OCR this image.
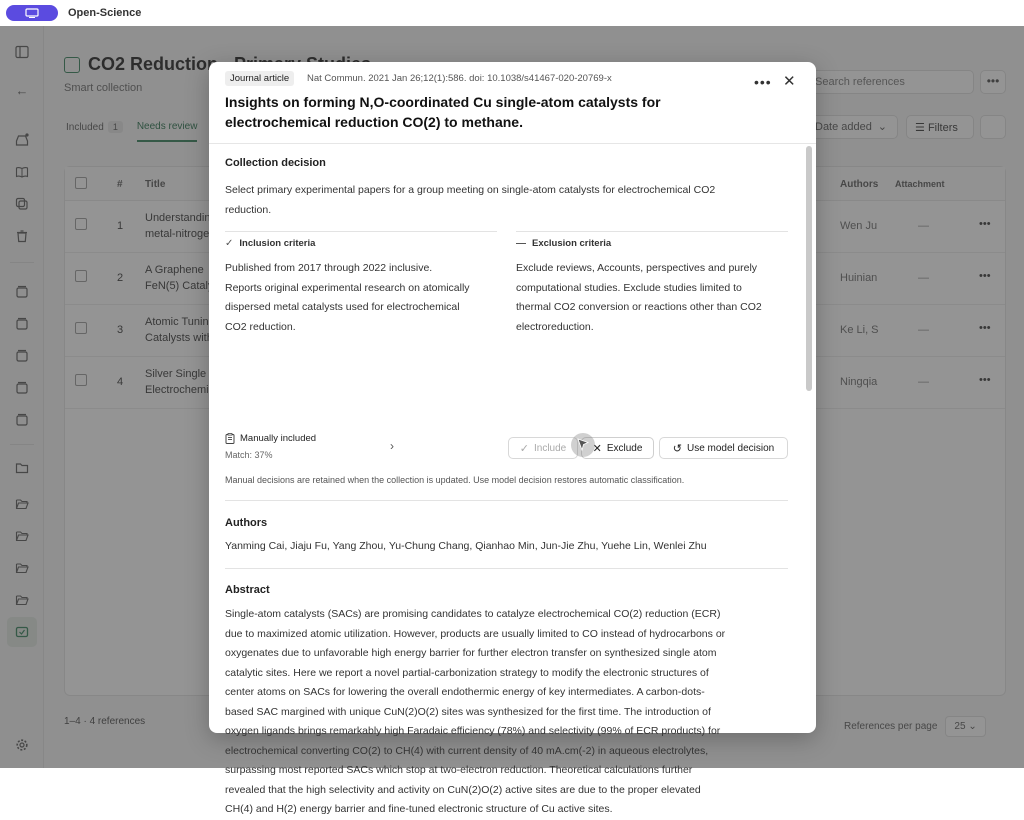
Open-Science
Journal article	Nat Commun. 2021 Jan 26;12(1):586. doi: 10.1038/s41467-020-20769-x
Insights on forming N,O-coordinated Cu single-atom catalysts for
electrochemical reduction CO(2) to methane.
••• ✕
Collection decision
Select primary experimental papers for a group meeting on single-atom catalysts for electrochemical CO2
reduction.
✓ Inclusion criteria
Published from 2017 through 2022 inclusive.
Reports original experimental research on atomically
dispersed metal catalysts used for electrochemical
CO2 reduction.
— Exclusion criteria
Exclude reviews, Accounts, perspectives and purely
computational studies. Exclude studies limited to
thermal CO2 conversion or reactions other than CO2
electroreduction.
Manually included
Match: 37%
›	✓ Include ✕ Exclude	↺ Use model decision
Manual decisions are retained when the collection is updated. Use model decision restores automatic classification.
Authors
Yanming Cai, Jiaju Fu, Yang Zhou, Yu-Chung Chang, Qianhao Min, Jun-Jie Zhu, Yuehe Lin, Wenlei Zhu
Abstract
Single-atom catalysts (SACs) are promising candidates to catalyze electrochemical CO(2) reduction (ECR)
due to maximized atomic utilization. However, products are usually limited to CO instead of hydrocarbons or
oxygenates due to unfavorable high energy barrier for further electron transfer on synthesized single atom
catalytic sites. Here we report a novel partial-carbonization strategy to modify the electronic structures of
center atoms on SACs for lowering the overall endothermic energy of key intermediates. A carbon-dots-
based SAC margined with unique CuN(2)O(2) sites was synthesized for the first time. The introduction of
oxygen ligands brings remarkably high Faradaic efficiency (78%) and selectivity (99% of ECR products) for
electrochemical converting CO(2) to CH(4) with current density of 40 mA.cm(-2) in aqueous electrolytes,
surpassing most reported SACs which stop at two-electron reduction. Theoretical calculations further
revealed that the high selectivity and activity on CuN(2)O(2) active sites are due to the proper elevated
CH(4) and H(2) energy barrier and fine-tuned electronic structure of Cu active sites.
